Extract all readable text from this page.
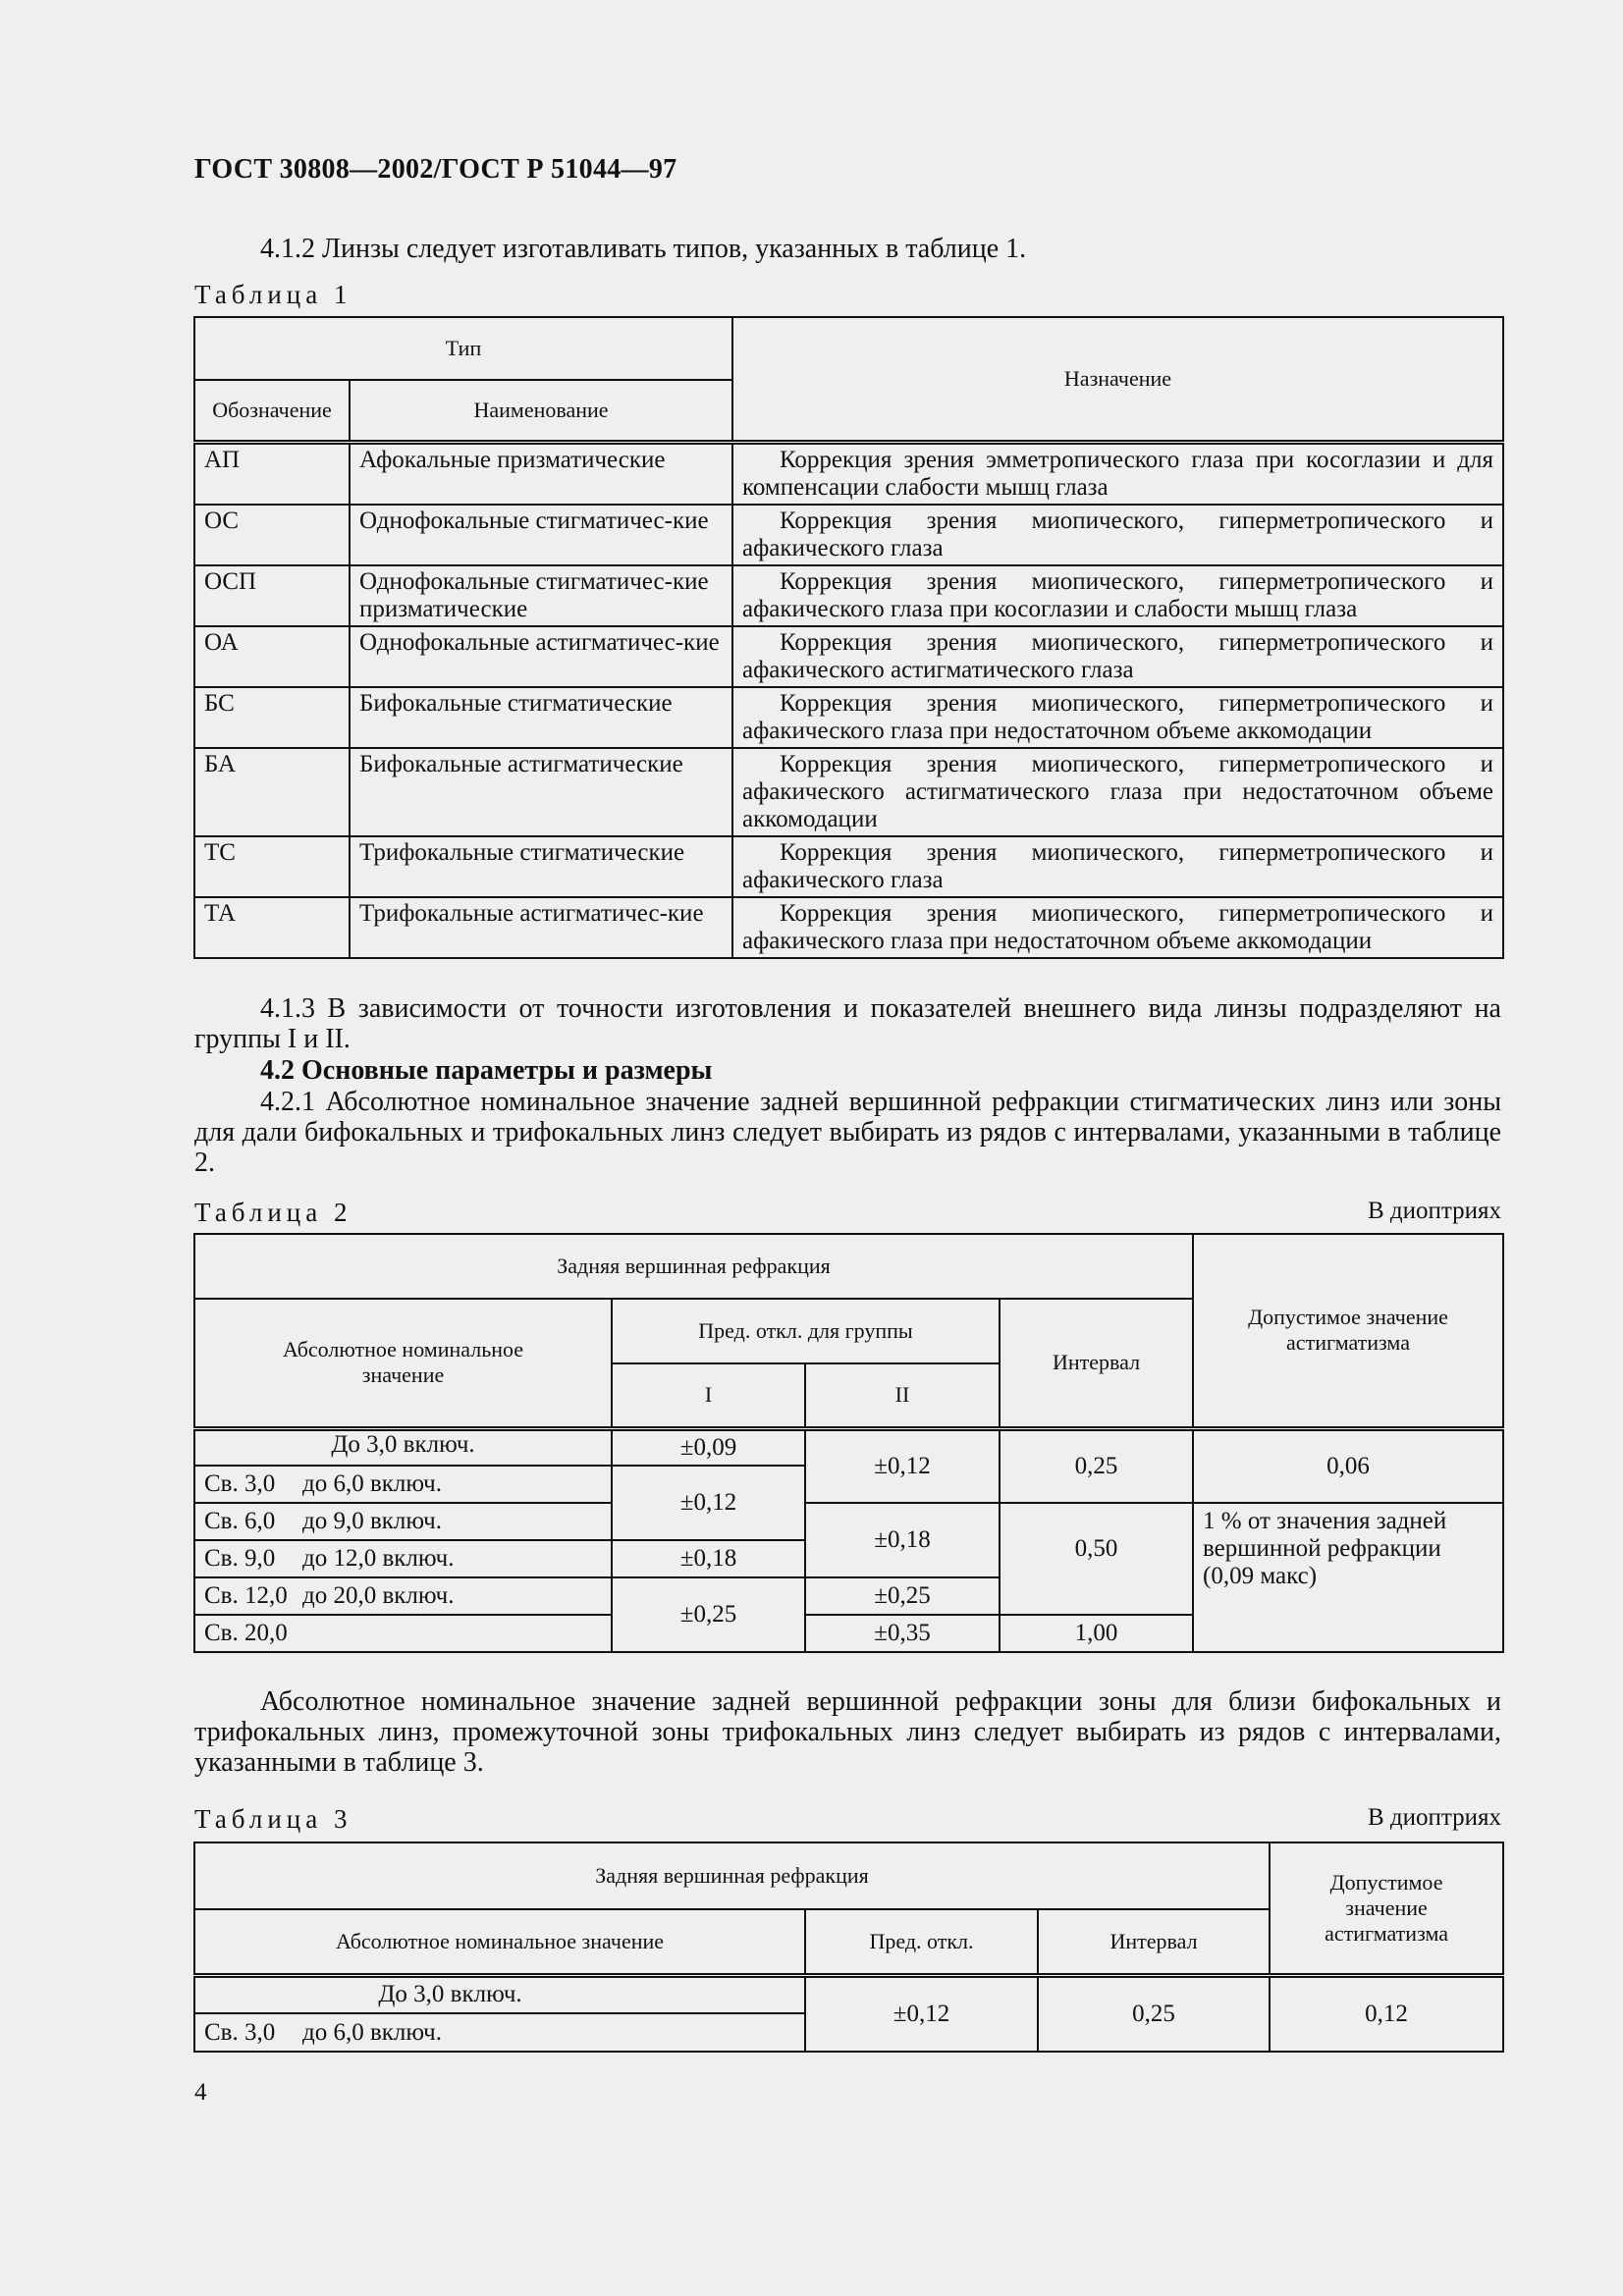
ГОСТ 30808—2002/ГОСТ Р 51044—97
4.1.2 Линзы следует изготавливать типов, указанных в таблице 1.
Таблица 1
Тип		Назначение
Обозначение	Наименование	
АП	Афокальные призматические	Коррекция зрения эмметропического глаза при косоглазии и для компенсации слабости мышц глаза
ОС	Однофокальные стигматичес-кие	Коррекция зрения миопического, гиперметропического и афакического глаза
ОСП	Однофокальные стигматичес-кие призматические	Коррекция зрения миопического, гиперметропического и афакического глаза при косоглазии и слабости мышц глаза
ОА	Однофокальные астигматичес-кие	Коррекция зрения миопического, гиперметропического и афакического астигматического глаза
БС	Бифокальные стигматические	Коррекция зрения миопического, гиперметропического и афакического глаза при недостаточном объеме аккомодации
БА	Бифокальные астигматические	Коррекция зрения миопического, гиперметропического и афакического астигматического глаза при недостаточном объеме аккомодации
ТС	Трифокальные стигматические	Коррекция зрения миопического, гиперметропического и афакического глаза
ТА	Трифокальные астигматичес-кие	Коррекция зрения миопического, гиперметропического и афакического глаза при недостаточном объеме аккомодации
4.1.3 В зависимости от точности изготовления и показателей внешнего вида линзы подразделяют на группы I и II.
4.2 Основные параметры и размеры
4.2.1 Абсолютное номинальное значение задней вершинной рефракции стигматических линз или зоны для дали бифокальных и трифокальных линз следует выбирать из рядов с интервалами, указанными в таблице 2.
Таблица 2	В диоптриях
Задняя вершинная рефракция				Допустимое значение астигматизма
Абсолютное номинальное значение	Пред. откл. для группы		Интервал	
	I	II		
До 3,0 включ.	±0,09	±0,12	0,25	0,06
Св. 3,0 до 6,0 включ.	±0,12			
Св. 6,0 до 9,0 включ.		±0,18	0,50	1 % от значения задней вершинной рефракции (0,09 макс)
Св. 9,0 до 12,0 включ.	±0,18			
Св. 12,0 до 20,0 включ.	±0,25	±0,25		
Св. 20,0		±0,35	1,00	
Абсолютное номинальное значение задней вершинной рефракции зоны для близи бифокальных и трифокальных линз, промежуточной зоны трифокальных линз следует выбирать из рядов с интервалами, указанными в таблице 3.
Таблица 3	В диоптриях
Задняя вершинная рефракция			Допустимое значение астигматизма
Абсолютное номинальное значение	Пред. откл.	Интервал	
До 3,0 включ.	±0,12	0,25	0,12
Св. 3,0 до 6,0 включ.			
4
